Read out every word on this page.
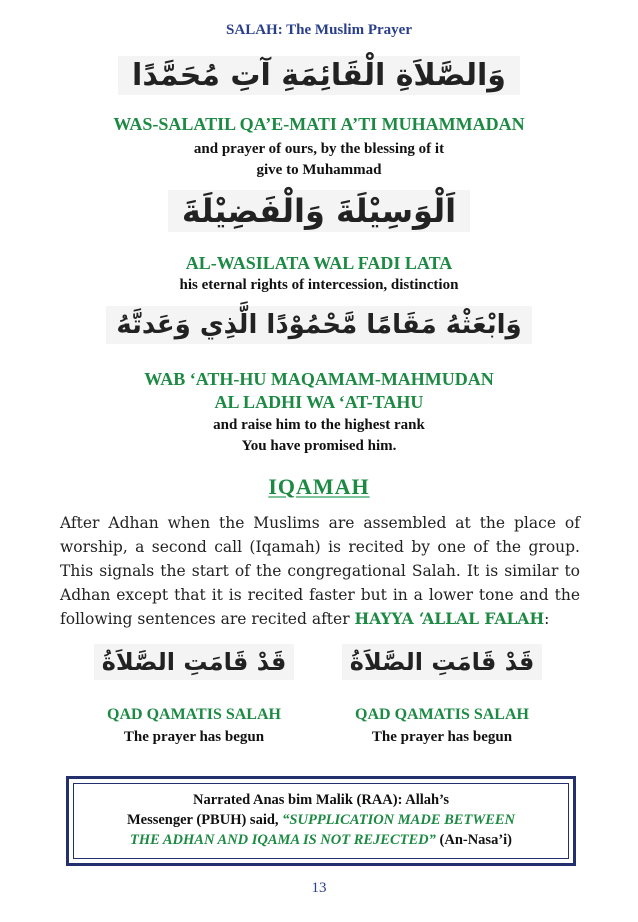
SALAH: The Muslim Prayer
وَالصَّلاَةِ الْقَائِمَةِ آتِ مُحَمَّدًا
WAS-SALATIL QA’E-MATI A’TI MUHAMMADAN
and prayer of ours, by the blessing of it
give to Muhammad
اَلْوَسِيْلَةَ وَالْفَضِيْلَةَ
AL-WASILATA WAL FADI LATA
his eternal rights of intercession, distinction
وَابْعَثْهُ مَقَامًا مَّحْمُوْدًا الَّذِي وَعَدتَّهُ
WAB ‘ATH-HU MAQAMAM-MAHMUDAN
AL LADHI WA ‘AT-TAHU
and raise him to the highest rank
You have promised him.
IQAMAH
After Adhan when the Muslims are assembled at the place of worship, a second call (Iqamah) is recited by one of the group. This signals the start of the congregational Salah. It is similar to Adhan except that it is recited faster but in a lower tone and the following sentences are recited after HAYYA ‘ALLAL FALAH:
قَدْ قَامَتِ الصَّلاَةُ
QAD QAMATIS SALAH
The prayer has begun
قَدْ قَامَتِ الصَّلاَةُ
QAD QAMATIS SALAH
The prayer has begun
Narrated Anas bim Malik (RAA): Allah’s
Messenger (PBUH) said, “SUPPLICATION MADE BETWEEN
THE ADHAN AND IQAMA IS NOT REJECTED” (An-Nasa’i)
13
